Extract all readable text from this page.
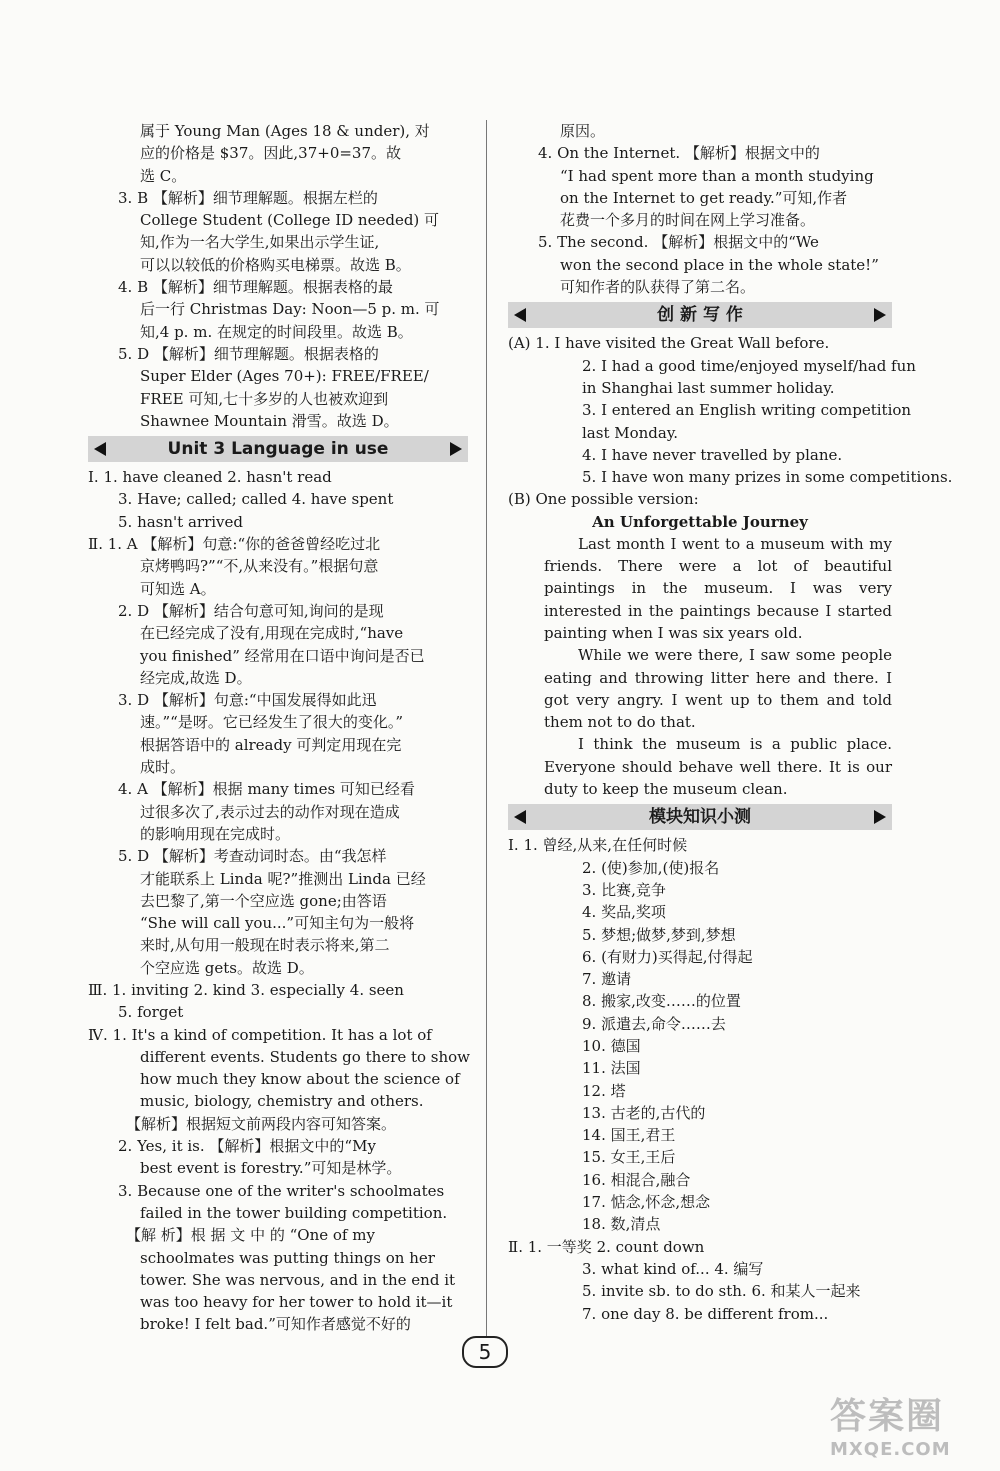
属于 Young Man (Ages 18 & under), 对
应的价格是 $37。因此,37+0=37。故
选 C。
3. B 【解析】细节理解题。根据左栏的
College Student (College ID needed) 可
知,作为一名大学生,如果出示学生证,
可以以较低的价格购买电梯票。故选 B。
4. B 【解析】细节理解题。根据表格的最
后一行 Christmas Day: Noon—5 p. m. 可
知,4 p. m. 在规定的时间段里。故选 B。
5. D 【解析】细节理解题。根据表格的
Super Elder (Ages 70+): FREE/FREE/
FREE 可知,七十多岁的人也被欢迎到
Shawnee Mountain 滑雪。故选 D。
Unit 3 Language in use
Ⅰ. 1. have cleaned 2. hasn't read
3. Have; called; called 4. have spent
5. hasn't arrived
Ⅱ. 1. A 【解析】句意:“你的爸爸曾经吃过北
京烤鸭吗?”“不,从来没有。”根据句意
可知选 A。
2. D 【解析】结合句意可知,询问的是现
在已经完成了没有,用现在完成时,“have
you finished” 经常用在口语中询问是否已
经完成,故选 D。
3. D 【解析】句意:“中国发展得如此迅
速。”“是呀。它已经发生了很大的变化。”
根据答语中的 already 可判定用现在完
成时。
4. A 【解析】根据 many times 可知已经看
过很多次了,表示过去的动作对现在造成
的影响用现在完成时。
5. D 【解析】考查动词时态。由“我怎样
才能联系上 Linda 呢?”推测出 Linda 已经
去巴黎了,第一个空应选 gone;由答语
“She will call you...”可知主句为一般将
来时,从句用一般现在时表示将来,第二
个空应选 gets。故选 D。
Ⅲ. 1. inviting 2. kind 3. especially 4. seen
5. forget
Ⅳ. 1. It's a kind of competition. It has a lot of
different events. Students go there to show
how much they know about the science of
music, biology, chemistry and others.
【解析】根据短文前两段内容可知答案。
2. Yes, it is. 【解析】根据文中的“My
best event is forestry.”可知是林学。
3. Because one of the writer's schoolmates
failed in the tower building competition.
【解 析】根 据 文 中 的 “One of my
schoolmates was putting things on her
tower. She was nervous, and in the end it
was too heavy for her tower to hold it—it
broke! I felt bad.”可知作者感觉不好的
原因。
4. On the Internet. 【解析】根据文中的
“I had spent more than a month studying
on the Internet to get ready.”可知,作者
花费一个多月的时间在网上学习准备。
5. The second. 【解析】根据文中的“We
won the second place in the whole state!”
可知作者的队获得了第二名。
创 新 写 作
(A) 1. I have visited the Great Wall before.
2. I had a good time/enjoyed myself/had fun
in Shanghai last summer holiday.
3. I entered an English writing competition
last Monday.
4. I have never travelled by plane.
5. I have won many prizes in some competitions.
(B) One possible version:
An Unforgettable Journey

Last month I went to a museum with my friends. There were a lot of beautiful paintings in the museum. I was very interested in the paintings because I started painting when I was six years old.

While we were there, I saw some people eating and throwing litter here and there. I got very angry. I went up to them and told them not to do that.

I think the museum is a public place. Everyone should behave well there. It is our duty to keep the museum clean.

模块知识小测
Ⅰ. 1. 曾经,从来,在任何时候
2. (使)参加,(使)报名
3. 比赛,竞争
4. 奖品,奖项
5. 梦想;做梦,梦到,梦想
6. (有财力)买得起,付得起
7. 邀请
8. 搬家,改变……的位置
9. 派遣去,命令……去
10. 德国
11. 法国
12. 塔
13. 古老的,古代的
14. 国王,君王
15. 女王,王后
16. 相混合,融合
17. 惦念,怀念,想念
18. 数,清点
Ⅱ. 1. 一等奖 2. count down
3. what kind of... 4. 编写
5. invite sb. to do sth. 6. 和某人一起来
7. one day 8. be different from...
5
答案圈
MXQE.COM
